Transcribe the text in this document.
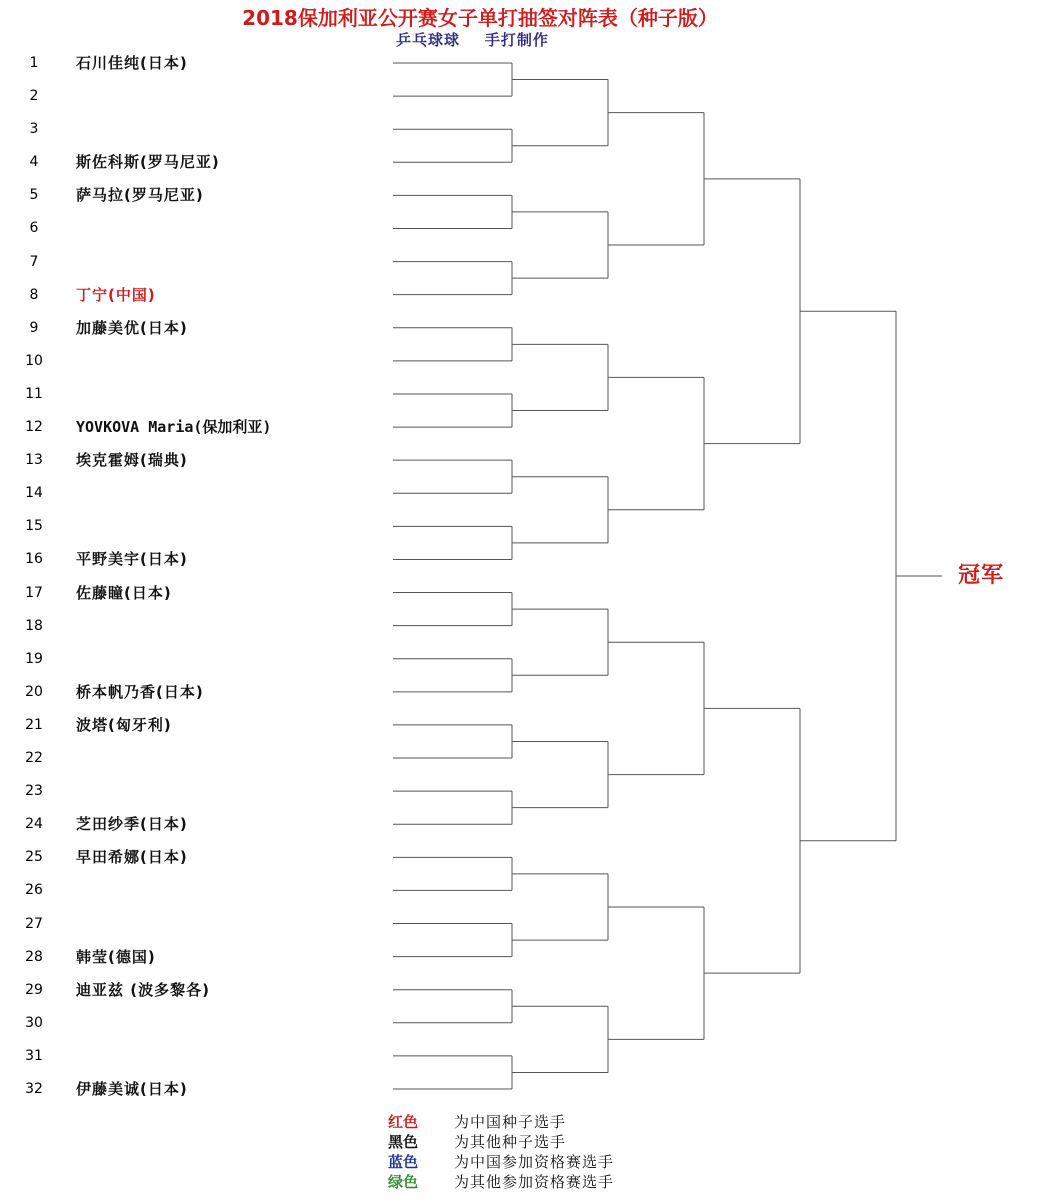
2018保加利亚公开赛女子单打抽签对阵表（种子版）
乒乓球球    手打制作
1	石川佳纯(日本)
2
3
4	斯佐科斯(罗马尼亚)
5	萨马拉(罗马尼亚)
6
7
8	丁宁(中国)
9	加藤美优(日本)
10
11
12	YOVKOVA Maria(保加利亚)
13	埃克霍姆(瑞典)
14
15
16	平野美宇(日本)
17	佐藤瞳(日本)
18
19
20	桥本帆乃香(日本)
21	波塔(匈牙利)
22
23
24	芝田纱季(日本)
25	早田希娜(日本)
26
27
28	韩莹(德国)
29	迪亚兹 (波多黎各)
30
31
32	伊藤美诚(日本)
冠军
红色 为中国种子选手
黑色 为其他种子选手
蓝色 为中国参加资格赛选手
绿色 为其他参加资格赛选手
